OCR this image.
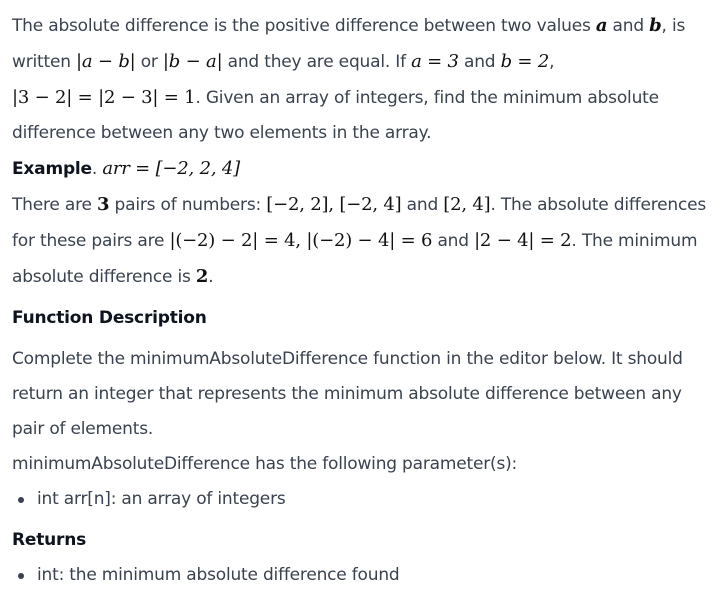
The absolute difference is the positive difference between two values a and b, is written |a − b| or |b − a| and they are equal. If a = 3 and b = 2,
|3 − 2| = |2 − 3| = 1. Given an array of integers, find the minimum absolute difference between any two elements in the array.

Example. arr = [−2, 2, 4]

There are 3 pairs of numbers: [−2, 2], [−2, 4] and [2, 4]. The absolute differences for these pairs are |(−2) − 2| = 4, |(−2) − 4| = 6 and |2 − 4| = 2. The minimum absolute difference is 2.

Function Description

Complete the minimumAbsoluteDifference function in the editor below. It should return an integer that represents the minimum absolute difference between any pair of elements.

minimumAbsoluteDifference has the following parameter(s):

int arr[n]: an array of integers

Returns

int: the minimum absolute difference found
